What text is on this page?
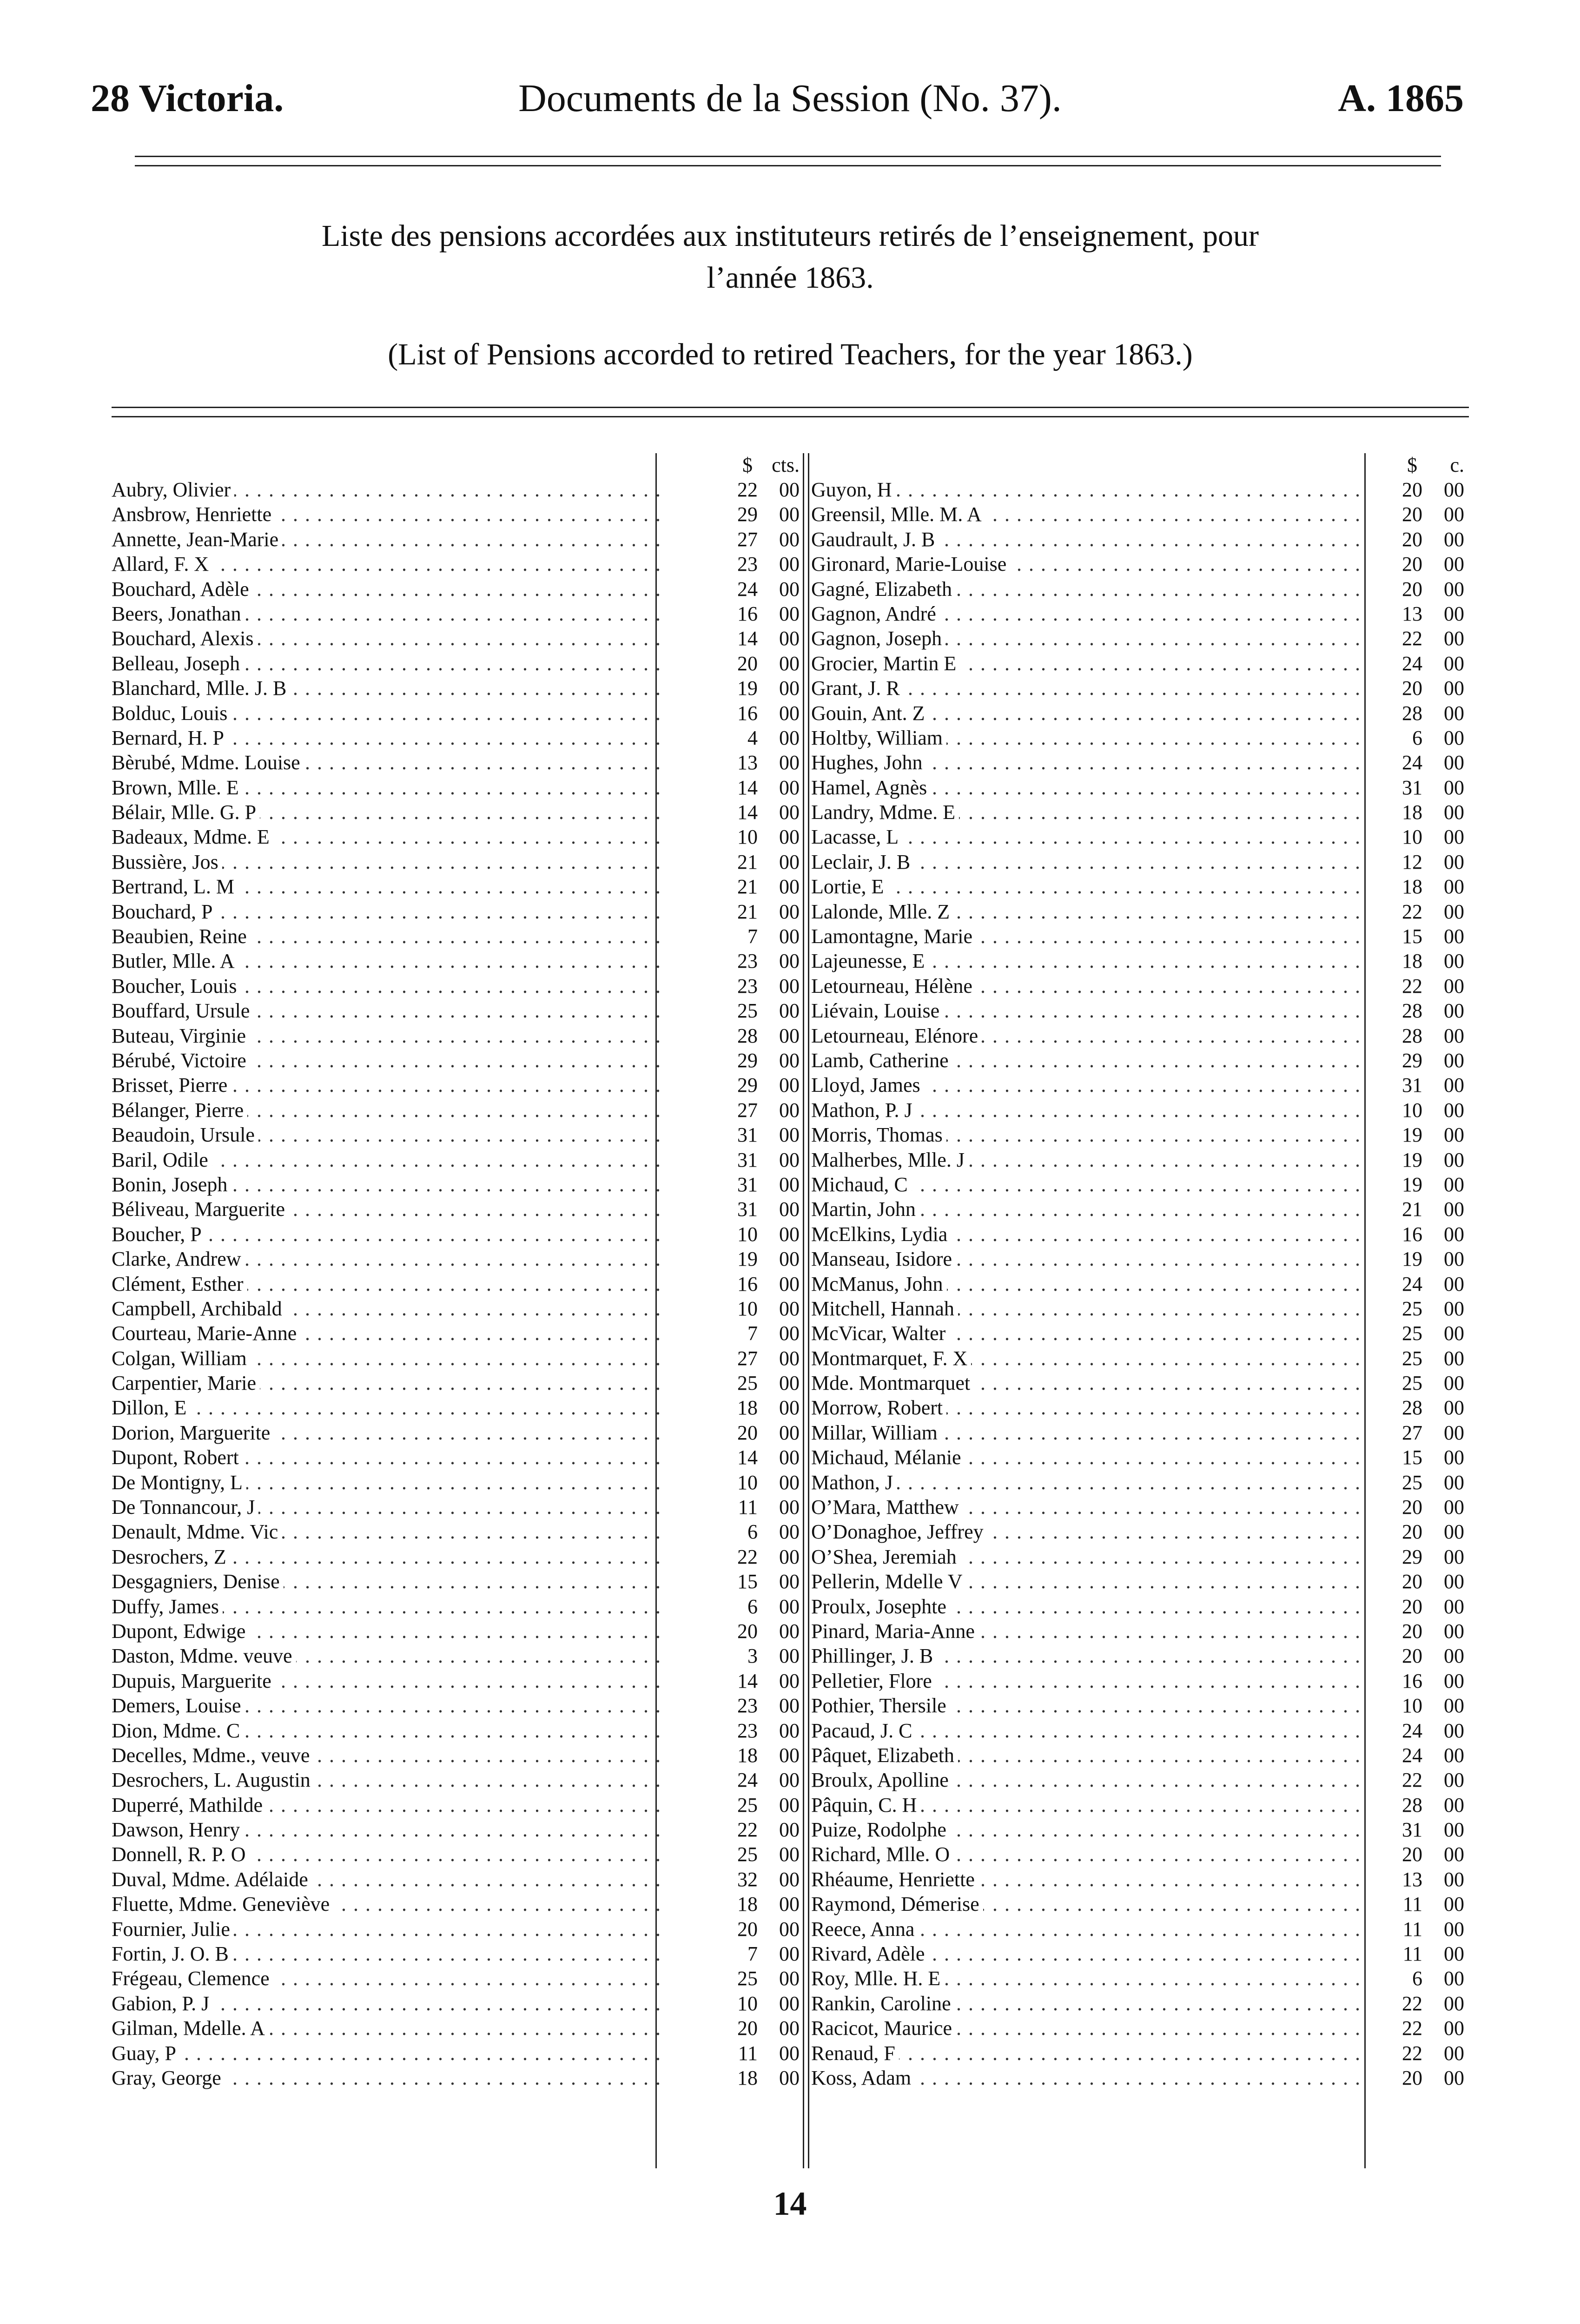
Documents de la Session (No. 37).
28 Victoria.	A. 1865
Liste des pensions accordées aux instituteurs retirés de l’enseignement, pour
l’année 1863.
(List of Pensions accorded to retired Teachers, for the year 1863.)
$ cts.
Aubry, Olivier . . .	22 00
Ansbrow, Henriette . . .	29 00
Annette, Jean-Marie . . .	27 00
Allard, F. X . . .	23 00
Bouchard, Adèle . . .	24 00
Beers, Jonathan . . .	16 00
Bouchard, Alexis . . .	14 00
Belleau, Joseph . . .	20 00
Blanchard, Mlle. J. B . . .	19 00
Bolduc, Louis . . .	16 00
Bernard, H. P . . .	4 00
Bèrubé, Mdme. Louise . . .	13 00
Brown, Mlle. E . . .	14 00
Bélair, Mlle. G. P . . .	14 00
Badeaux, Mdme. E . . .	10 00
Bussière, Jos . . .	21 00
Bertrand, L. M . . .	21 00
Bouchard, P . . .	21 00
Beaubien, Reine . . .	7 00
Butler, Mlle. A . . .	23 00
Boucher, Louis . . .	23 00
Bouffard, Ursule . . .	25 00
Buteau, Virginie . . .	28 00
Bérubé, Victoire . . .	29 00
Brisset, Pierre . . .	29 00
Bélanger, Pierre . . .	27 00
Beaudoin, Ursule . . .	31 00
Baril, Odile . . .	31 00
Bonin, Joseph . . .	31 00
Béliveau, Marguerite . . .	31 00
Boucher, P . . .	10 00
Clarke, Andrew . . .	19 00
Clément, Esther . . .	16 00
Campbell, Archibald . . .	10 00
Courteau, Marie-Anne . . .	7 00
Colgan, William . . .	27 00
Carpentier, Marie . . .	25 00
Dillon, E . . .	18 00
Dorion, Marguerite . . .	20 00
Dupont, Robert . . .	14 00
De Montigny, L . . .	10 00
De Tonnancour, J . . .	11 00
Denault, Mdme. Vic . . .	6 00
Desrochers, Z . . .	22 00
Desgagniers, Denise . . .	15 00
Duffy, James . . .	6 00
Dupont, Edwige . . .	20 00
Daston, Mdme. veuve . . .	3 00
Dupuis, Marguerite . . .	14 00
Demers, Louise . . .	23 00
Dion, Mdme. C . . .	23 00
Decelles, Mdme., veuve . . .	18 00
Desrochers, L. Augustin . . .	24 00
Duperré, Mathilde . . .	25 00
Dawson, Henry . . .	22 00
Donnell, R. P. O . . .	25 00
Duval, Mdme. Adélaide . . .	32 00
Fluette, Mdme. Geneviève . . .	18 00
Fournier, Julie . . .	20 00
Fortin, J. O. B . . .	7 00
Frégeau, Clemence . . .	25 00
Gabion, P. J . . .	10 00
Gilman, Mdelle. A . . .	20 00
Guay, P . . .	11 00
Gray, George . . .	18 00
$ c.
Guyon, H . . .	20 00
Greensil, Mlle. M. A . . .	20 00
Gaudrault, J. B . . .	20 00
Gironard, Marie-Louise . . .	20 00
Gagné, Elizabeth . . .	20 00
Gagnon, André . . .	13 00
Gagnon, Joseph . . .	22 00
Grocier, Martin E . . .	24 00
Grant, J. R . . .	20 00
Gouin, Ant. Z . . .	28 00
Holtby, William . . .	6 00
Hughes, John . . .	24 00
Hamel, Agnès . . .	31 00
Landry, Mdme. E . . .	18 00
Lacasse, L . . .	10 00
Leclair, J. B . . .	12 00
Lortie, E . . .	18 00
Lalonde, Mlle. Z . . .	22 00
Lamontagne, Marie . . .	15 00
Lajeunesse, E . . .	18 00
Letourneau, Hélène . . .	22 00
Liévain, Louise . . .	28 00
Letourneau, Elénore . . .	28 00
Lamb, Catherine . . .	29 00
Lloyd, James . . .	31 00
Mathon, P. J . . .	10 00
Morris, Thomas . . .	19 00
Malherbes, Mlle. J . . .	19 00
Michaud, C . . .	19 00
Martin, John . . .	21 00
McElkins, Lydia . . .	16 00
Manseau, Isidore . . .	19 00
McManus, John . . .	24 00
Mitchell, Hannah . . .	25 00
McVicar, Walter . . .	25 00
Montmarquet, F. X . . .	25 00
Mde. Montmarquet . . .	25 00
Morrow, Robert . . .	28 00
Millar, William . . .	27 00
Michaud, Mélanie . . .	15 00
Mathon, J . . .	25 00
O’Mara, Matthew . . .	20 00
O’Donaghoe, Jeffrey . . .	20 00
O’Shea, Jeremiah . . .	29 00
Pellerin, Mdelle V . . .	20 00
Proulx, Josephte . . .	20 00
Pinard, Maria-Anne . . .	20 00
Phillinger, J. B . . .	20 00
Pelletier, Flore . . .	16 00
Pothier, Thersile . . .	10 00
Pacaud, J. C . . .	24 00
Pâquet, Elizabeth . . .	24 00
Broulx, Apolline . . .	22 00
Pâquin, C. H . . .	28 00
Puize, Rodolphe . . .	31 00
Richard, Mlle. O . . .	20 00
Rhéaume, Henriette . . .	13 00
Raymond, Démerise . . .	11 00
Reece, Anna . . .	11 00
Rivard, Adèle . . .	11 00
Roy, Mlle. H. E . . .	6 00
Rankin, Caroline . . .	22 00
Racicot, Maurice . . .	22 00
Renaud, F . . .	22 00
Koss, Adam . . .	20 00
14
